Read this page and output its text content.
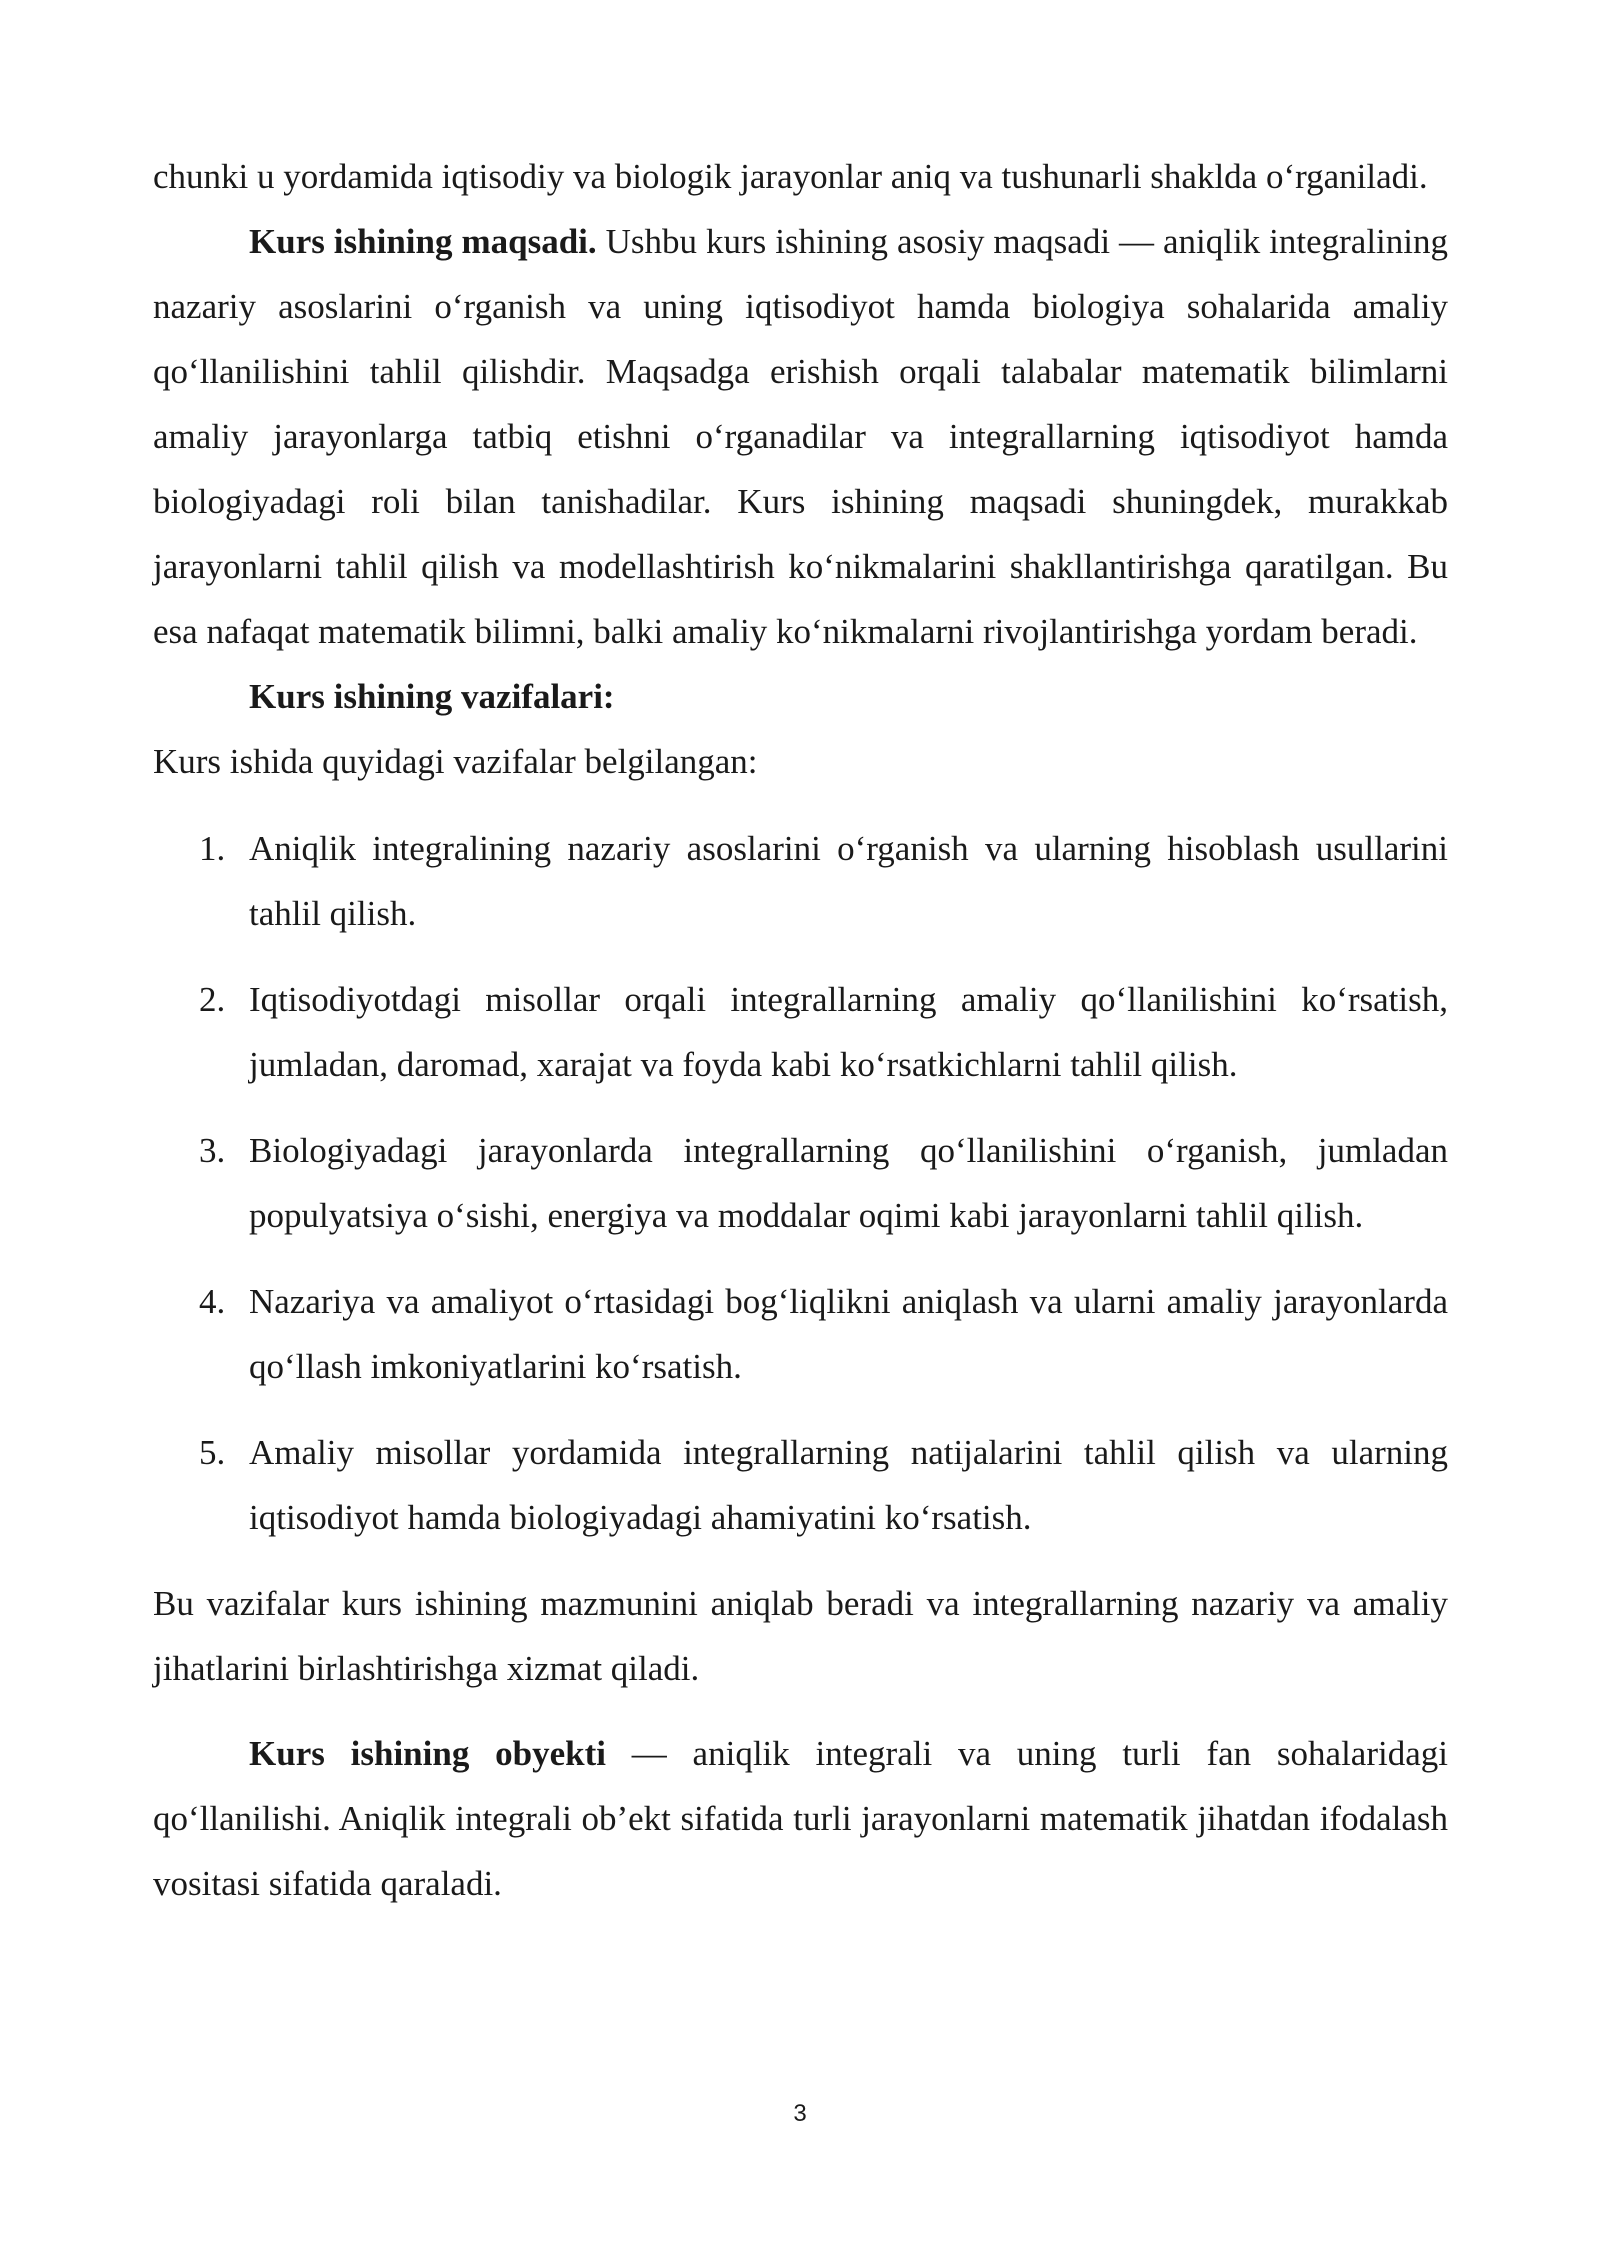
chunki u yordamida iqtisodiy va biologik jarayonlar aniq va tushunarli shaklda o‘rganiladi.

Kurs ishining maqsadi. Ushbu kurs ishining asosiy maqsadi — aniqlik integralining nazariy asoslarini o‘rganish va uning iqtisodiyot hamda biologiya sohalarida amaliy qo‘llanilishini tahlil qilishdir. Maqsadga erishish orqali talabalar matematik bilimlarni amaliy jarayonlarga tatbiq etishni o‘rganadilar va integrallarning iqtisodiyot hamda biologiyadagi roli bilan tanishadilar. Kurs ishining maqsadi shuningdek, murakkab jarayonlarni tahlil qilish va modellashtirish ko‘nikmalarini shakllantirishga qaratilgan. Bu esa nafaqat matematik bilimni, balki amaliy ko‘nikmalarni rivojlantirishga yordam beradi.

Kurs ishining vazifalari:

Kurs ishida quyidagi vazifalar belgilangan:

1. Aniqlik integralining nazariy asoslarini o‘rganish va ularning hisoblash usullarini tahlil qilish.
2. Iqtisodiyotdagi misollar orqali integrallarning amaliy qo‘llanilishini ko‘rsatish, jumladan, daromad, xarajat va foyda kabi ko‘rsatkichlarni tahlil qilish.
3. Biologiyadagi jarayonlarda integrallarning qo‘llanilishini o‘rganish, jumladan populyatsiya o‘sishi, energiya va moddalar oqimi kabi jarayonlarni tahlil qilish.
4. Nazariya va amaliyot o‘rtasidagi bog‘liqlikni aniqlash va ularni amaliy jarayonlarda qo‘llash imkoniyatlarini ko‘rsatish.
5. Amaliy misollar yordamida integrallarning natijalarini tahlil qilish va ularning iqtisodiyot hamda biologiyadagi ahamiyatini ko‘rsatish.

Bu vazifalar kurs ishining mazmunini aniqlab beradi va integrallarning nazariy va amaliy jihatlarini birlashtirishga xizmat qiladi.

Kurs ishining obyekti — aniqlik integrali va uning turli fan sohalaridagi qo‘llanilishi. Aniqlik integrali ob’ekt sifatida turli jarayonlarni matematik jihatdan ifodalash vositasi sifatida qaraladi.

3
